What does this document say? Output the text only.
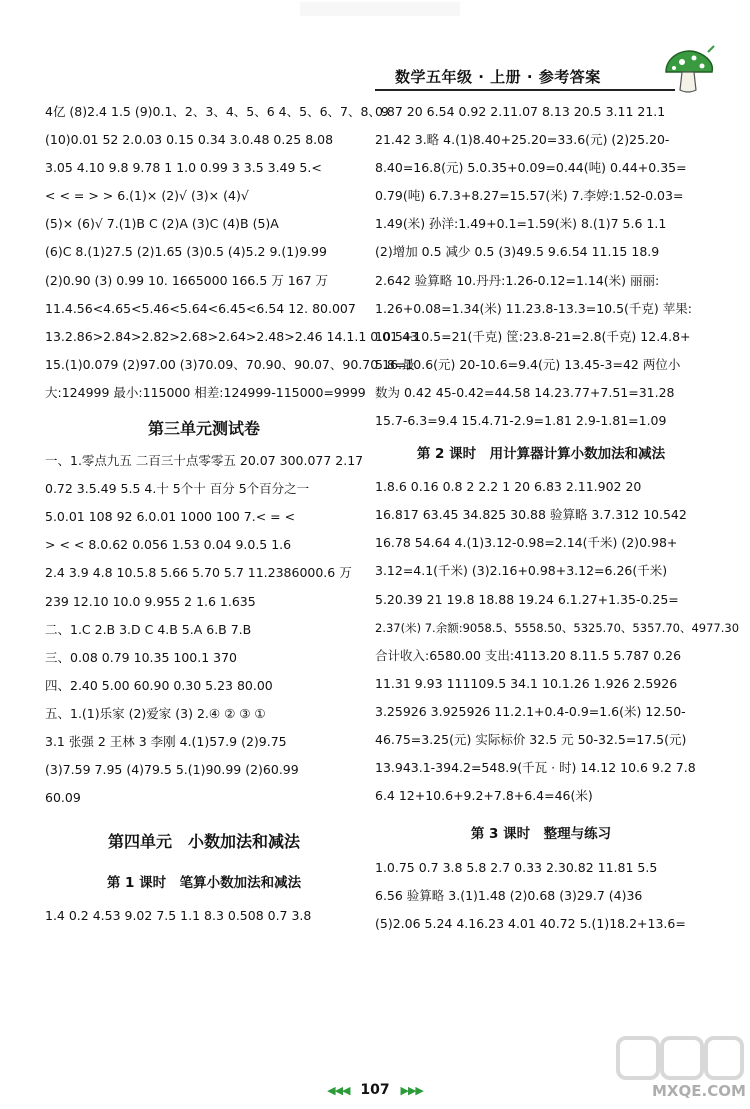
数学五年级 · 上册 · 参考答案
4亿 (8)2.4 1.5 (9)0.1、2、3、4、5、6 4、5、6、7、8、9
(10)0.01 52 2.0.03 0.15 0.34 3.0.48 0.25 8.08
3.05 4.10 9.8 9.78 1 1.0 0.99 3 3.5 3.49 5.<
< < = > > 6.(1)× (2)√ (3)× (4)√
(5)× (6)√ 7.(1)B C (2)A (3)C (4)B (5)A
(6)C 8.(1)27.5 (2)1.65 (3)0.5 (4)5.2 9.(1)9.99
(2)0.90 (3) 0.99 10. 1665000 166.5 万 167 万
11.4.56<4.65<5.46<5.64<6.45<6.54 12. 80.007
13.2.86>2.84>2.82>2.68>2.64>2.48>2.46 14.1.1 0.01 43
15.(1)0.079 (2)97.00 (3)70.09、70.90、90.07、90.70 16.最
大:124999 最小:115000 相差:124999-115000=9999
第三单元测试卷
一、1.零点九五 二百三十点零零五 20.07 300.077 2.17
0.72 3.5.49 5.5 4.十 5个十 百分 5个百分之一
5.0.01 108 92 6.0.01 1000 100 7.< = <
> < < 8.0.62 0.056 1.53 0.04 9.0.5 1.6
2.4 3.9 4.8 10.5.8 5.66 5.70 5.7 11.2386000.6 万
239 12.10 10.0 9.955 2 1.6 1.635
二、1.C 2.B 3.D C 4.B 5.A 6.B 7.B
三、0.08 0.79 10.35 100.1 370
四、2.40 5.00 60.90 0.30 5.23 80.00
五、1.(1)乐家 (2)爱家 (3) 2.④ ② ③ ①
3.1 张强 2 王林 3 李刚 4.(1)57.9 (2)9.75
(3)7.59 7.95 (4)79.5 5.(1)90.99 (2)60.99
60.09
第四单元　小数加法和减法
第 1 课时　笔算小数加法和减法
1.4 0.2 4.53 9.02 7.5 1.1 8.3 0.508 0.7 3.8
0.87 20 6.54 0.92 2.11.07 8.13 20.5 3.11 21.1
21.42 3.略 4.(1)8.40+25.20=33.6(元) (2)25.20-
8.40=16.8(元) 5.0.35+0.09=0.44(吨) 0.44+0.35=
0.79(吨) 6.7.3+8.27=15.57(米) 7.李婷:1.52-0.03=
1.49(米) 孙洋:1.49+0.1=1.59(米) 8.(1)7 5.6 1.1
(2)增加 0.5 减少 0.5 (3)49.5 9.6.54 11.15 18.9
2.642 验算略 10.丹丹:1.26-0.12=1.14(米) 丽丽:
1.26+0.08=1.34(米) 11.23.8-13.3=10.5(千克) 苹果:
10.5+10.5=21(千克) 筐:23.8-21=2.8(千克) 12.4.8+
5.8=10.6(元) 20-10.6=9.4(元) 13.45-3=42 两位小
数为 0.42 45-0.42=44.58 14.23.77+7.51=31.28
15.7-6.3=9.4 15.4.71-2.9=1.81 2.9-1.81=1.09
第 2 课时　用计算器计算小数加法和减法
1.8.6 0.16 0.8 2 2.2 1 20 6.83 2.11.902 20
16.817 63.45 34.825 30.88 验算略 3.7.312 10.542
16.78 54.64 4.(1)3.12-0.98=2.14(千米) (2)0.98+
3.12=4.1(千米) (3)2.16+0.98+3.12=6.26(千米)
5.20.39 21 19.8 18.88 19.24 6.1.27+1.35-0.25=
2.37(米) 7.余额:9058.5、5558.50、5325.70、5357.70、4977.30
合计收入:6580.00 支出:4113.20 8.11.5 5.787 0.26
11.31 9.93 111109.5 34.1 10.1.26 1.926 2.5926
3.25926 3.925926 11.2.1+0.4-0.9=1.6(米) 12.50-
46.75=3.25(元) 实际标价 32.5 元 50-32.5=17.5(元)
13.943.1-394.2=548.9(千瓦 · 时) 14.12 10.6 9.2 7.8
6.4 12+10.6+9.2+7.8+6.4=46(米)
第 3 课时　整理与练习
1.0.75 0.7 3.8 5.8 2.7 0.33 2.30.82 11.81 5.5
6.56 验算略 3.(1)1.48 (2)0.68 (3)29.7 (4)36
(5)2.06 5.24 4.16.23 4.01 40.72 5.(1)18.2+13.6=
MXQE.COM
◀◀◀ 107 ▶▶▶
